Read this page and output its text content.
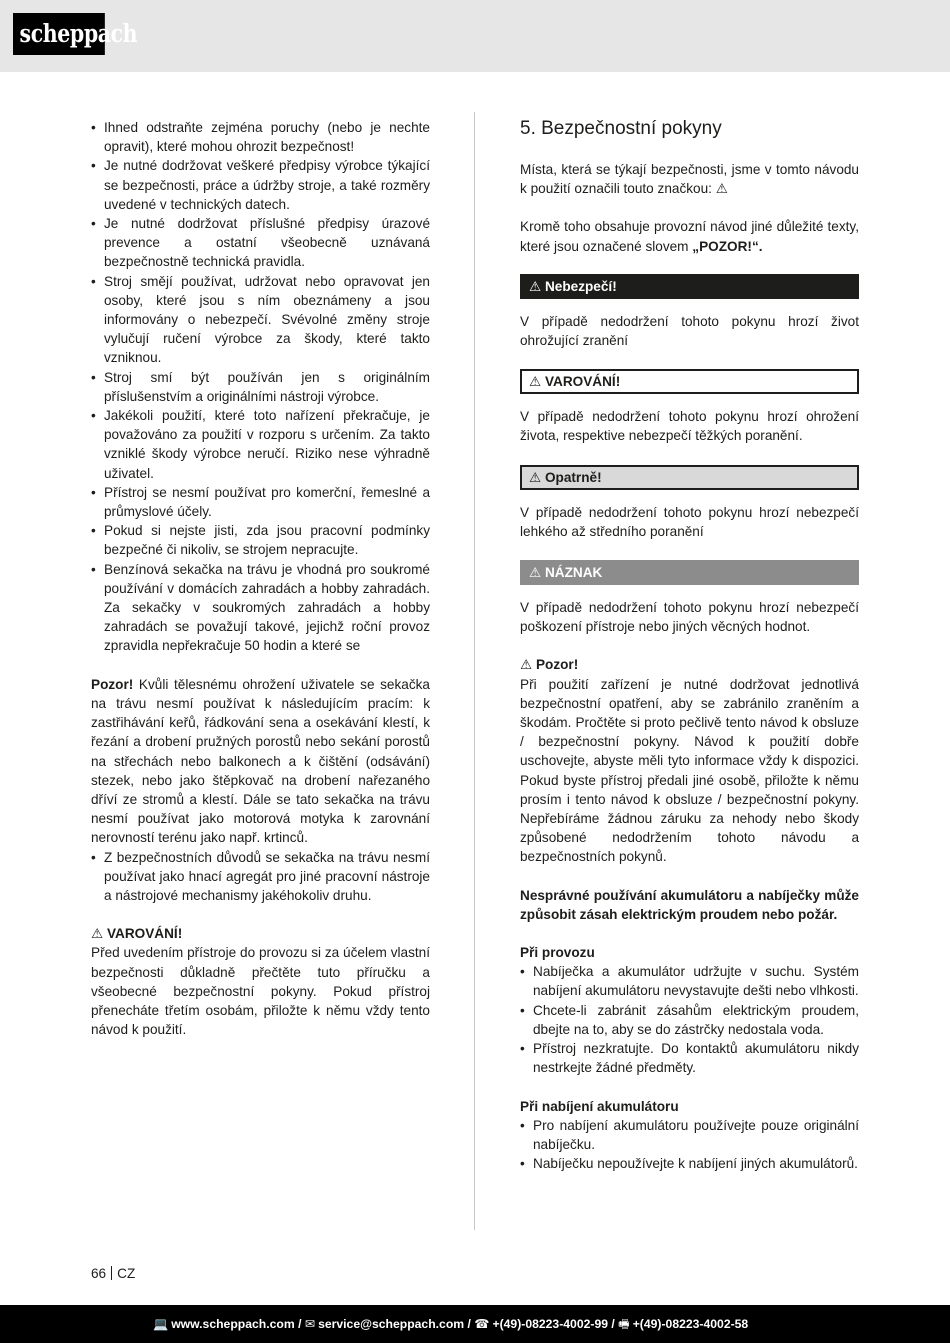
scheppach
• Ihned odstraňte zejména poruchy (nebo je nechte opravit), které mohou ohrozit bezpečnost!
• Je nutné dodržovat veškeré předpisy výrobce týkající se bezpečnosti, práce a údržby stroje, a také rozměry uvedené v technických datech.
• Je nutné dodržovat příslušné předpisy úrazové prevence a ostatní všeobecně uznávaná bezpečnostně technická pravidla.
• Stroj smějí používat, udržovat nebo opravovat jen osoby, které jsou s ním obeznámeny a jsou informovány o nebezpečí. Svévolné změny stroje vylučují ručení výrobce za škody, které takto vzniknou.
• Stroj smí být používán jen s originálním příslušenstvím a originálními nástroji výrobce.
• Jakékoli použití, které toto nařízení překračuje, je považováno za použití v rozporu s určením. Za takto vzniklé škody výrobce neručí. Riziko nese výhradně uživatel.
• Přístroj se nesmí používat pro komerční, řemeslné a průmyslové účely.
• Pokud si nejste jisti, zda jsou pracovní podmínky bezpečné či nikoliv, se strojem nepracujte.
• Benzínová sekačka na trávu je vhodná pro soukromé používání v domácích zahradách a hobby zahradách. Za sekačky v soukromých zahradách a hobby zahradách se považují takové, jejichž roční provoz zpravidla nepřekračuje 50 hodin a které se

Pozor! Kvůli tělesnému ohrožení uživatele se sekačka na trávu nesmí používat k následujícím pracím: k zastřihávání keřů, řádkování sena a osekávání klestí, k řezání a drobení pružných porostů nebo sekání porostů na střechách nebo balkonech a k čištění (odsávání) stezek, nebo jako štěpkovač na drobení nařezaného dříví ze stromů a klestí. Dále se tato sekačka na trávu nesmí používat jako motorová motyka k zarovnání nerovností terénu jako např. krtinců.

• Z bezpečnostních důvodů se sekačka na trávu nesmí používat jako hnací agregát pro jiné pracovní nástroje a nástrojové mechanismy jakéhokoliv druhu.

⚠ VAROVÁNÍ!

Před uvedením přístroje do provozu si za účelem vlastní bezpečnosti důkladně přečtěte tuto příručku a všeobecné bezpečnostní pokyny. Pokud přístroj přenecháte třetím osobám, přiložte k němu vždy tento návod k použití.

5. Bezpečnostní pokyny

Místa, která se týkají bezpečnosti, jsme v tomto návodu k použití označili touto značkou: ⚠

Kromě toho obsahuje provozní návod jiné důležité texty, které jsou označené slovem „POZOR!“.

⚠ Nebezpečí!

V případě nedodržení tohoto pokynu hrozí život ohrožující zranění

⚠ VAROVÁNÍ!

V případě nedodržení tohoto pokynu hrozí ohrožení života, respektive nebezpečí těžkých poranění.

⚠ Opatrně!

V případě nedodržení tohoto pokynu hrozí nebezpečí lehkého až středního poranění

⚠ NÁZNAK

V případě nedodržení tohoto pokynu hrozí nebezpečí poškození přístroje nebo jiných věcných hodnot.

⚠ Pozor!

Při použití zařízení je nutné dodržovat jednotlivá bezpečnostní opatření, aby se zabránilo zraněním a škodám. Pročtěte si proto pečlivě tento návod k obsluze / bezpečnostní pokyny. Návod k použití dobře uschovejte, abyste měli tyto informace vždy k dispozici. Pokud byste přístroj předali jiné osobě, přiložte k němu prosím i tento návod k obsluze / bezpečnostní pokyny. Nepřebíráme žádnou záruku za nehody nebo škody způsobené nedodržením tohoto návodu a bezpečnostních pokynů.

Nesprávné používání akumulátoru a nabíječky může způsobit zásah elektrickým proudem nebo požár.

Při provozu

• Nabíječka a akumulátor udržujte v suchu. Systém nabíjení akumulátoru nevystavujte dešti nebo vlhkosti.
• Chcete-li zabránit zásahům elektrickým proudem, dbejte na to, aby se do zástrčky nedostala voda.
• Přístroj nezkratujte. Do kontaktů akumulátoru nikdy nestrkejte žádné předměty.

Při nabíjení akumulátoru

• Pro nabíjení akumulátoru používejte pouze originální nabíječku.
• Nabíječku nepoužívejte k nabíjení jiných akumulátorů.
66 CZ
💻 www.scheppach.com / ✉ service@scheppach.com / ☎ +(49)-08223-4002-99 / 🖷 +(49)-08223-4002-58
